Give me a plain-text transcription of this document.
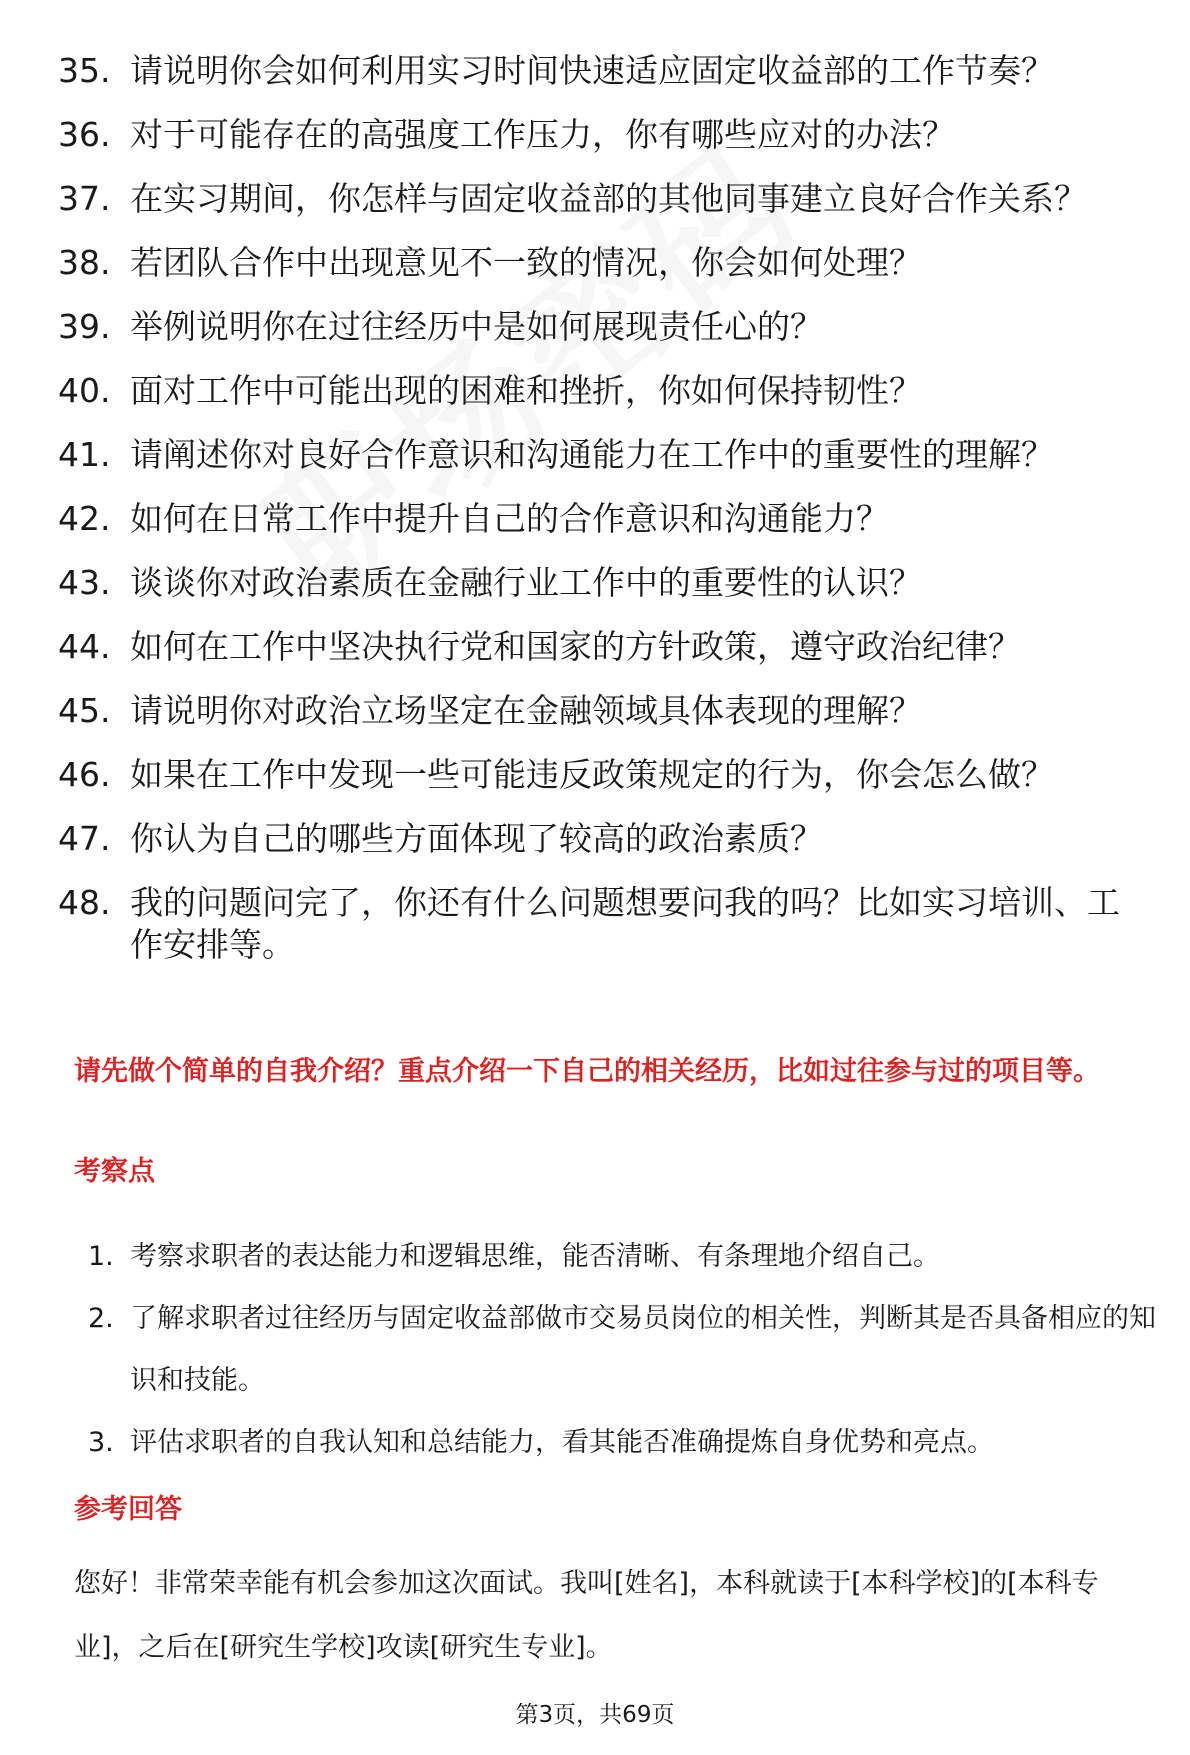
35. 请说明你会如何利用实习时间快速适应固定收益部的工作节奏？
36. 对于可能存在的高强度工作压力，你有哪些应对的办法？
37. 在实习期间，你怎样与固定收益部的其他同事建立良好合作关系？
38. 若团队合作中出现意见不一致的情况，你会如何处理？
39. 举例说明你在过往经历中是如何展现责任心的？
40. 面对工作中可能出现的困难和挫折，你如何保持韧性？
41. 请阐述你对良好合作意识和沟通能力在工作中的重要性的理解？
42. 如何在日常工作中提升自己的合作意识和沟通能力？
43. 谈谈你对政治素质在金融行业工作中的重要性的认识？
44. 如何在工作中坚决执行党和国家的方针政策，遵守政治纪律？
45. 请说明你对政治立场坚定在金融领域具体表现的理解？
46. 如果在工作中发现一些可能违反政策规定的行为，你会怎么做？
47. 你认为自己的哪些方面体现了较高的政治素质？
48. 我的问题问完了，你还有什么问题想要问我的吗？比如实习培训、工作安排等。
请先做个简单的自我介绍？重点介绍一下自己的相关经历，比如过往参与过的项目等。
考察点
1. 考察求职者的表达能力和逻辑思维，能否清晰、有条理地介绍自己。
2. 了解求职者过往经历与固定收益部做市交易员岗位的相关性，判断其是否具备相应的知识和技能。
3. 评估求职者的自我认知和总结能力，看其能否准确提炼自身优势和亮点。
参考回答
您好！非常荣幸能有机会参加这次面试。我叫[姓名]，本科就读于[本科学校]的[本科专业]，之后在[研究生学校]攻读[研究生专业]。
第3页，共69页
